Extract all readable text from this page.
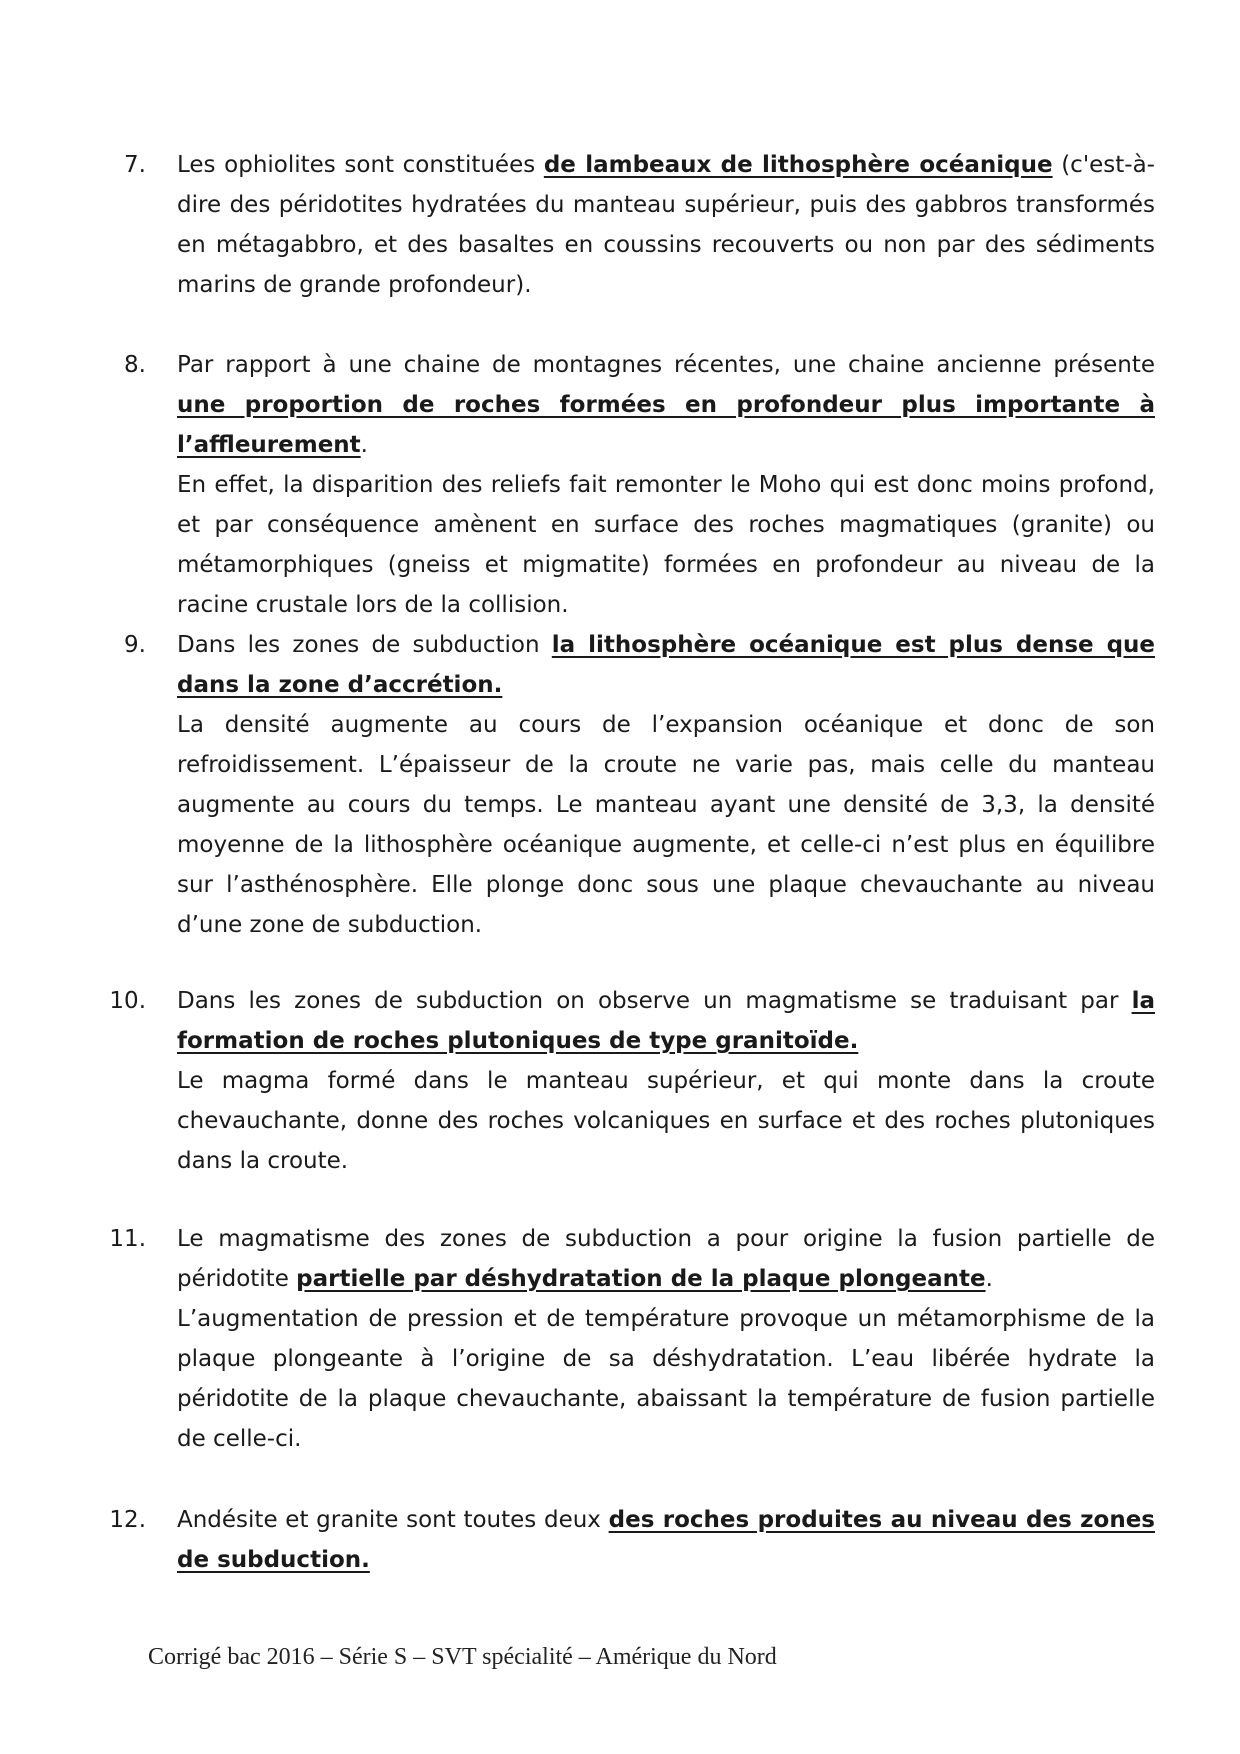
7.	Les ophiolites sont constituées de lambeaux de lithosphère océanique (c'est-à-dire des péridotites hydratées du manteau supérieur, puis des gabbros transformés en métagabbro, et des basaltes en coussins recouverts ou non par des sédiments marins de grande profondeur).

8.	Par rapport à une chaine de montagnes récentes, une chaine ancienne présente une proportion de roches formées en profondeur plus importante à l’affleurement.

En effet, la disparition des reliefs fait remonter le Moho qui est donc moins profond, et par conséquence amènent en surface des roches magmatiques (granite) ou métamorphiques (gneiss et migmatite) formées en profondeur au niveau de la racine crustale lors de la collision.

9.	Dans les zones de subduction la lithosphère océanique est plus dense que dans la zone d’accrétion.

La densité augmente au cours de l’expansion océanique et donc de son refroidissement. L’épaisseur de la croute ne varie pas, mais celle du manteau augmente au cours du temps. Le manteau ayant une densité de 3,3, la densité moyenne de la lithosphère océanique augmente, et celle-ci n’est plus en équilibre sur l’asthénosphère. Elle plonge donc sous une plaque chevauchante au niveau d’une zone de subduction.

10.	Dans les zones de subduction on observe un magmatisme se traduisant par la formation de roches plutoniques de type granitoïde.

Le magma formé dans le manteau supérieur, et qui monte dans la croute chevauchante, donne des roches volcaniques en surface et des roches plutoniques dans la croute.

11.	Le magmatisme des zones de subduction a pour origine la fusion partielle de péridotite partielle par déshydratation de la plaque plongeante.

L’augmentation de pression et de température provoque un métamorphisme de la plaque plongeante à l’origine de sa déshydratation. L’eau libérée hydrate la péridotite de la plaque chevauchante, abaissant la température de fusion partielle de celle-ci.

12.	Andésite et granite sont toutes deux des roches produites au niveau des zones de subduction.

Corrigé bac 2016 – Série S – SVT spécialité – Amérique du Nord
